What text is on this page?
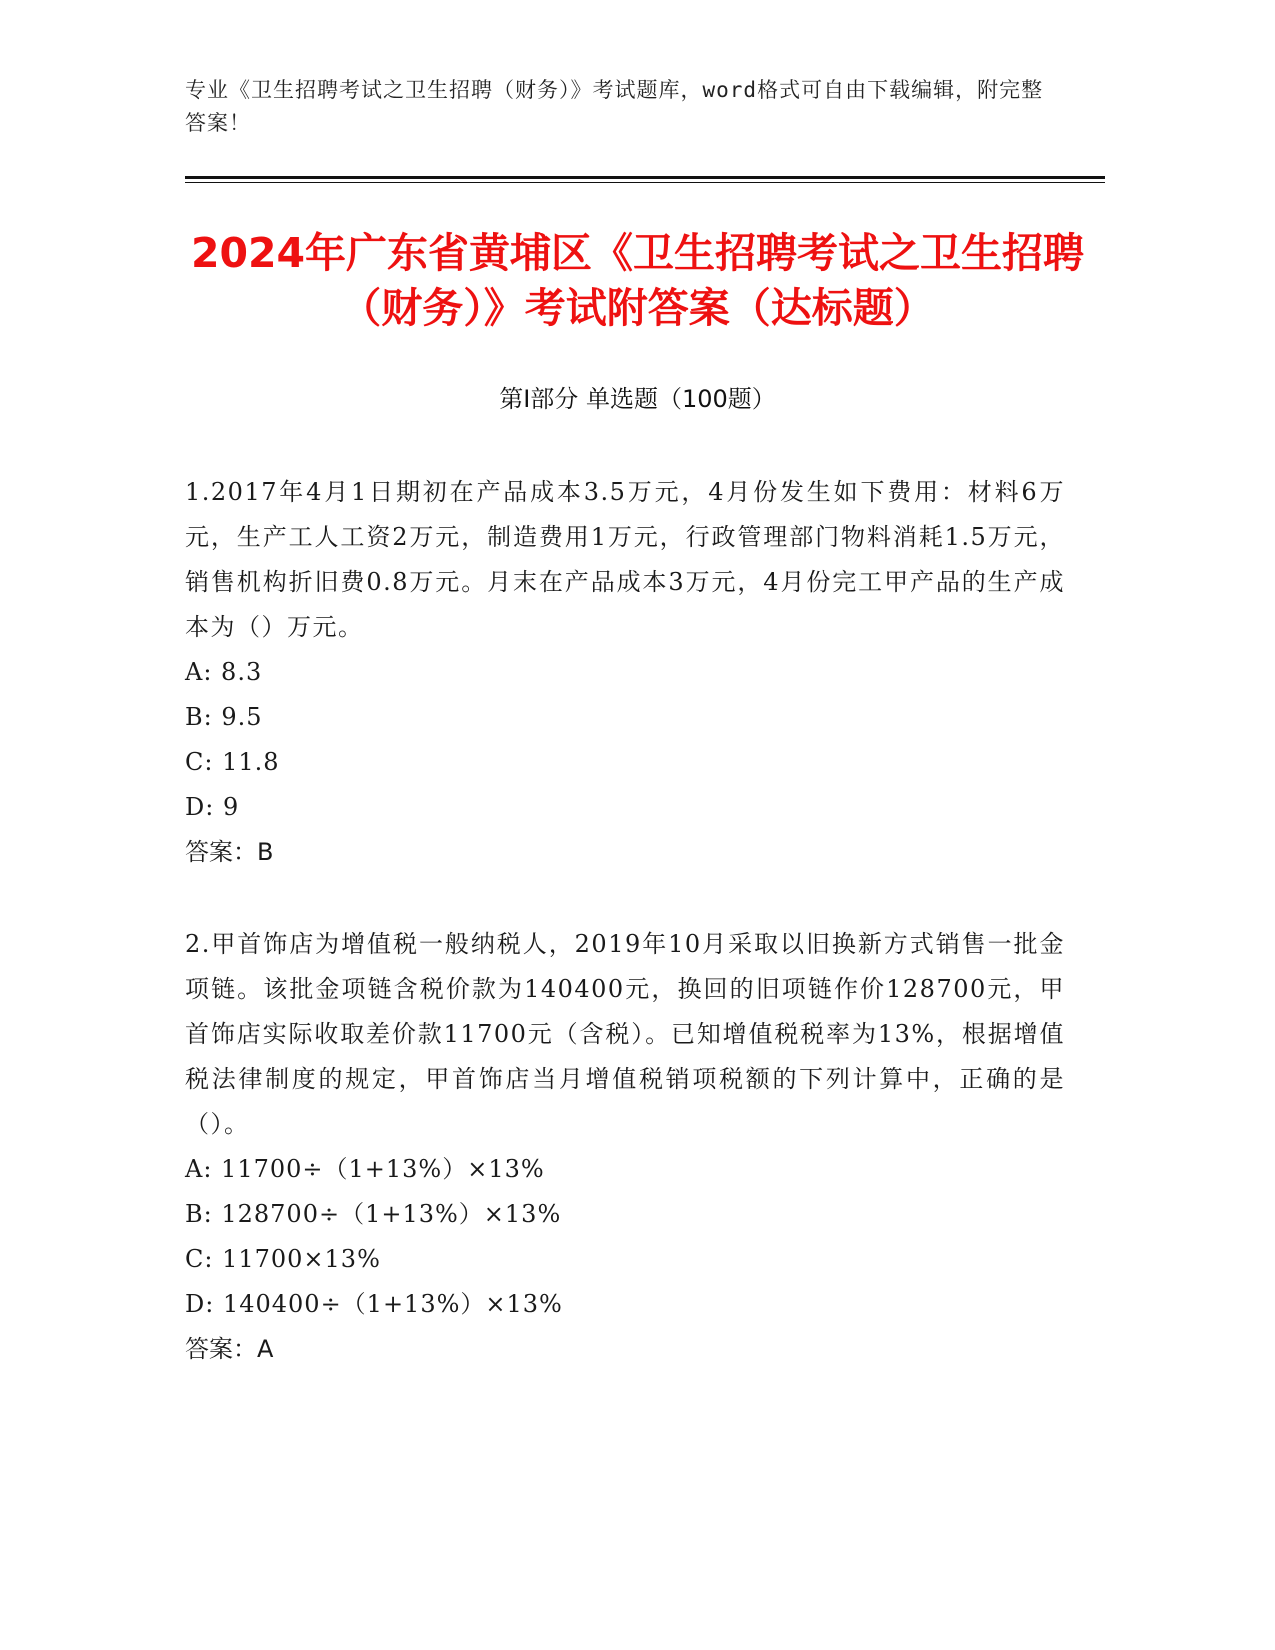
专业《卫生招聘考试之卫生招聘（财务）》考试题库，word格式可自由下载编辑，附完整答案！
2024年广东省黄埔区《卫生招聘考试之卫生招聘（财务）》考试附答案（达标题）
第I部分 单选题（100题）

1.2017年4月1日期初在产品成本3.5万元，4月份发生如下费用：材料6万元，生产工人工资2万元，制造费用1万元，行政管理部门物料消耗1.5万元，销售机构折旧费0.8万元。月末在产品成本3万元，4月份完工甲产品的生产成本为（）万元。

A: 8.3

B: 9.5

C: 11.8

D: 9

答案：B

2.甲首饰店为增值税一般纳税人，2019年10月采取以旧换新方式销售一批金项链。该批金项链含税价款为140400元，换回的旧项链作价128700元，甲首饰店实际收取差价款11700元（含税）。已知增值税税率为13%，根据增值税法律制度的规定，甲首饰店当月增值税销项税额的下列计算中，正确的是（）。

A: 11700÷（1+13%）×13%

B: 128700÷（1+13%）×13%

C: 11700×13%

D: 140400÷（1+13%）×13%

答案：A
